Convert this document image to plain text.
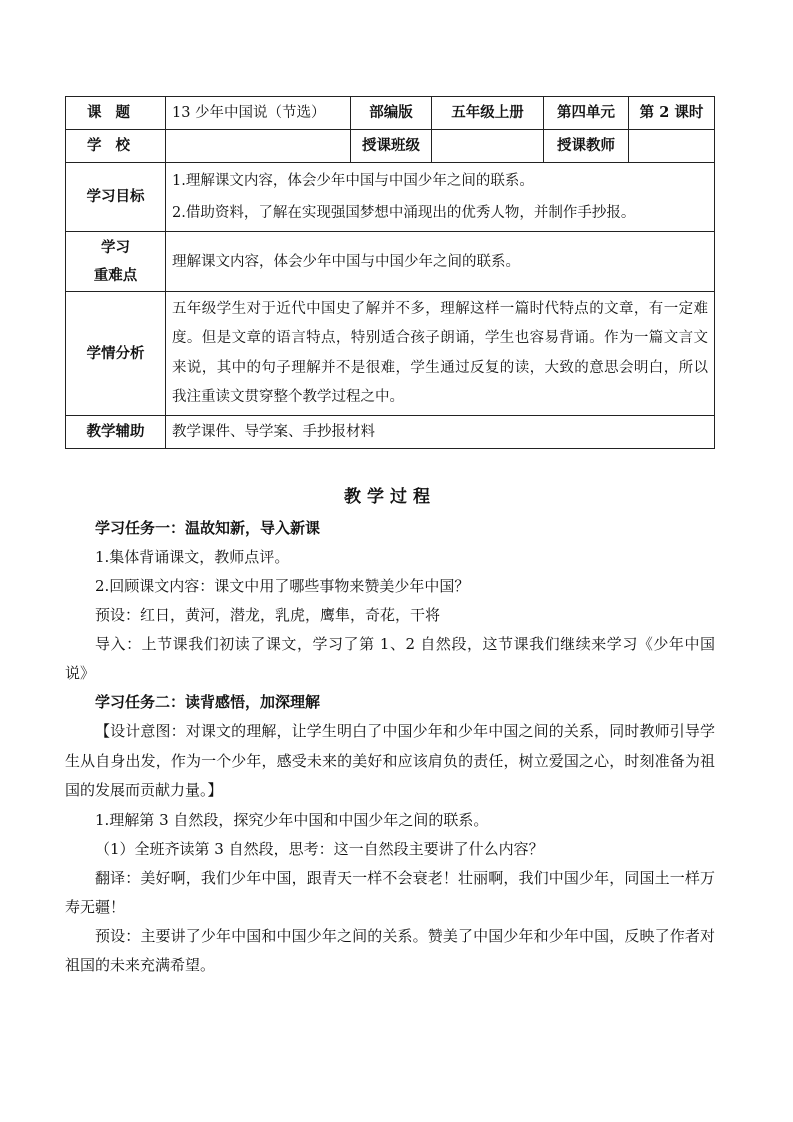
课题	13 少年中国说（节选）	部编版	五年级上册	第四单元	第 2 课时
学校		授课班级		授课教师	
学习目标	1.理解课文内容，体会少年中国与中国少年之间的联系。
2.借助资料，了解在实现强国梦想中涌现出的优秀人物，并制作手抄报。				

学习
重难点	理解课文内容，体会少年中国与中国少年之间的联系。				
学情分析	五年级学生对于近代中国史了解并不多，理解这样一篇时代特点的文章，有一定难度。但是文章的语言特点，特别适合孩子朗诵，学生也容易背诵。作为一篇文言文来说，其中的句子理解并不是很难，学生通过反复的读，大致的意思会明白，所以我注重读文贯穿整个教学过程之中。				
教学辅助	教学课件、导学案、手抄报材料				
教学过程

学习任务一：温故知新，导入新课

1.集体背诵课文，教师点评。

2.回顾课文内容：课文中用了哪些事物来赞美少年中国？

预设：红日，黄河，潜龙，乳虎，鹰隼，奇花，干将

导入：上节课我们初读了课文，学习了第 1、2 自然段，这节课我们继续来学习《少年中国说》

学习任务二：读背感悟，加深理解

【设计意图：对课文的理解，让学生明白了中国少年和少年中国之间的关系，同时教师引导学生从自身出发，作为一个少年，感受未来的美好和应该肩负的责任，树立爱国之心，时刻准备为祖国的发展而贡献力量。】

1.理解第 3 自然段，探究少年中国和中国少年之间的联系。

（1）全班齐读第 3 自然段，思考：这一自然段主要讲了什么内容？

翻译：美好啊，我们少年中国，跟青天一样不会衰老！壮丽啊，我们中国少年，同国土一样万寿无疆！

预设：主要讲了少年中国和中国少年之间的关系。赞美了中国少年和少年中国，反映了作者对祖国的未来充满希望。
